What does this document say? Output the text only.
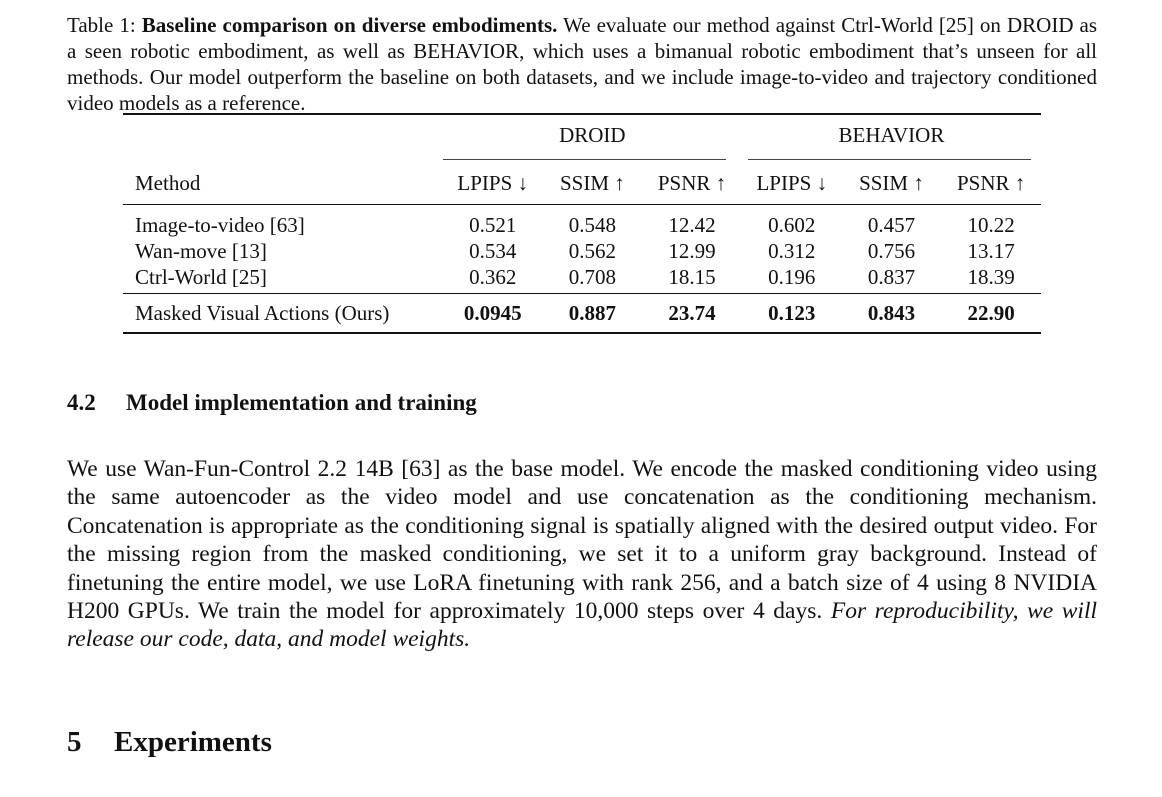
Table 1: Baseline comparison on diverse embodiments. We evaluate our method against Ctrl-World [25] on DROID as a seen robotic embodiment, as well as BEHAVIOR, which uses a bimanual robotic embodiment that’s unseen for all methods. Our model outperform the baseline on both datasets, and we include image-to-video and trajectory conditioned video models as a reference.
	DROID			BEHAVIOR		
Method	LPIPS ↓	SSIM ↑	PSNR ↑	LPIPS ↓	SSIM ↑	PSNR ↑
Image-to-video [63]	0.521	0.548	12.42	0.602	0.457	10.22
Wan-move [13]	0.534	0.562	12.99	0.312	0.756	13.17
Ctrl-World [25]	0.362	0.708	18.15	0.196	0.837	18.39
Masked Visual Actions (Ours)	0.0945	0.887	23.74	0.123	0.843	22.90
4.2 Model implementation and training

We use Wan-Fun-Control 2.2 14B [63] as the base model. We encode the masked conditioning video using the same autoencoder as the video model and use concatenation as the conditioning mechanism. Concatenation is appropriate as the conditioning signal is spatially aligned with the desired output video. For the missing region from the masked conditioning, we set it to a uniform gray background. Instead of finetuning the entire model, we use LoRA finetuning with rank 256, and a batch size of 4 using 8 NVIDIA H200 GPUs. We train the model for approximately 10,000 steps over 4 days. For reproducibility, we will release our code, data, and model weights.

5 Experiments
